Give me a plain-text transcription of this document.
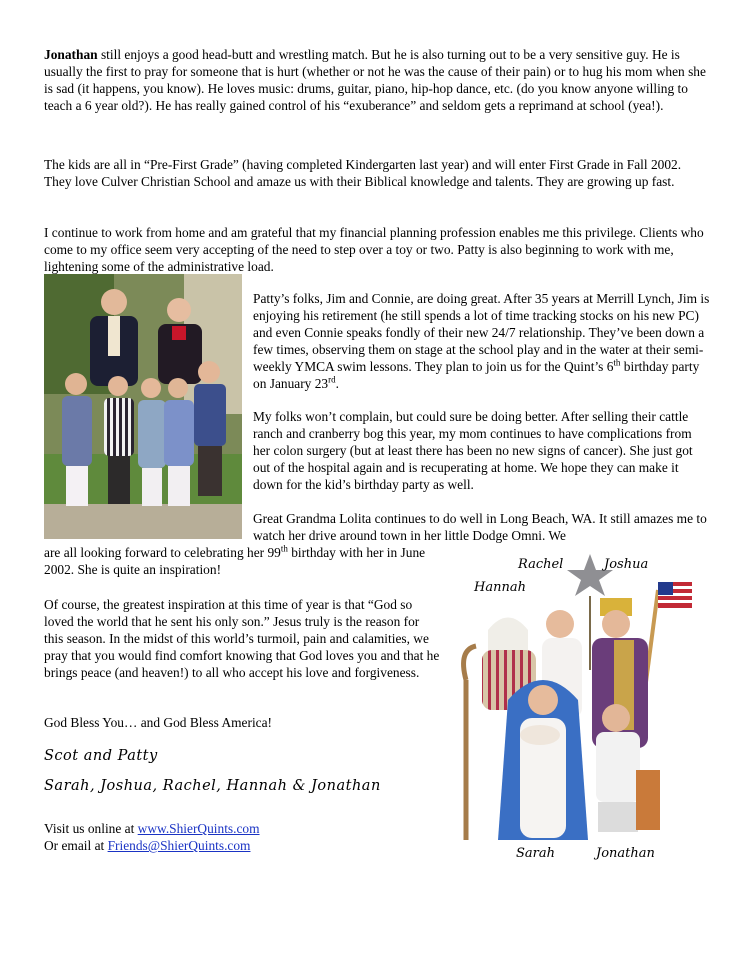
Jonathan still enjoys a good head-butt and wrestling match. But he is also turning out to be a very sensitive guy. He is usually the first to pray for someone that is hurt (whether or not he was the cause of their pain) or to hug his mom when she is sad (it happens, you know). He loves music: drums, guitar, piano, hip-hop dance, etc. (do you know anyone willing to teach a 6 year old?). He has really gained control of his “exuberance” and seldom gets a reprimand at school (yea!).

The kids are all in “Pre-First Grade” (having completed Kindergarten last year) and will enter First Grade in Fall 2002. They love Culver Christian School and amaze us with their Biblical knowledge and talents. They are growing up fast.

I continue to work from home and am grateful that my financial planning profession enables me this privilege. Clients who come to my office seem very accepting of the need to step over a toy or two. Patty is also beginning to work with me, lightening some of the administrative load.

Patty’s folks, Jim and Connie, are doing great. After 35 years at Merrill Lynch, Jim is enjoying his retirement (he still spends a lot of time tracking stocks on his new PC) and even Connie speaks fondly of their new 24/7 relationship. They’ve been down a few times, observing them on stage at the school play and in the water at their semi-weekly YMCA swim lessons. They plan to join us for the Quint’s 6th birthday party on January 23rd.

My folks won’t complain, but could sure be doing better. After selling their cattle ranch and cranberry bog this year, my mom continues to have complications from her colon surgery (but at least there has been no new signs of cancer). She just got out of the hospital again and is recuperating at home. We hope they can make it down for the kid’s birthday party as well.

Great Grandma Lolita continues to do well in Long Beach, WA. It still amazes me to watch her drive around town in her little Dodge Omni. We

are all looking forward to celebrating her 99th birthday with her in June
2002. She is quite an inspiration!

Of course, the greatest inspiration at this time of year is that “God so loved the world that he sent his only son.” Jesus truly is the reason for this season. In the midst of this world’s turmoil, pain and calamities, we pray that you would find comfort knowing that God loves you and that he brings peace (and heaven!) to all who accept his love and forgiveness.

God Bless You… and God Bless America!

Scot and Patty

Sarah, Joshua, Rachel, Hannah & Jonathan

Visit us online at www.ShierQuints.com

Or email at Friends@ShierQuints.com

Rachel	Joshua
Hannah
Sarah	Jonathan
